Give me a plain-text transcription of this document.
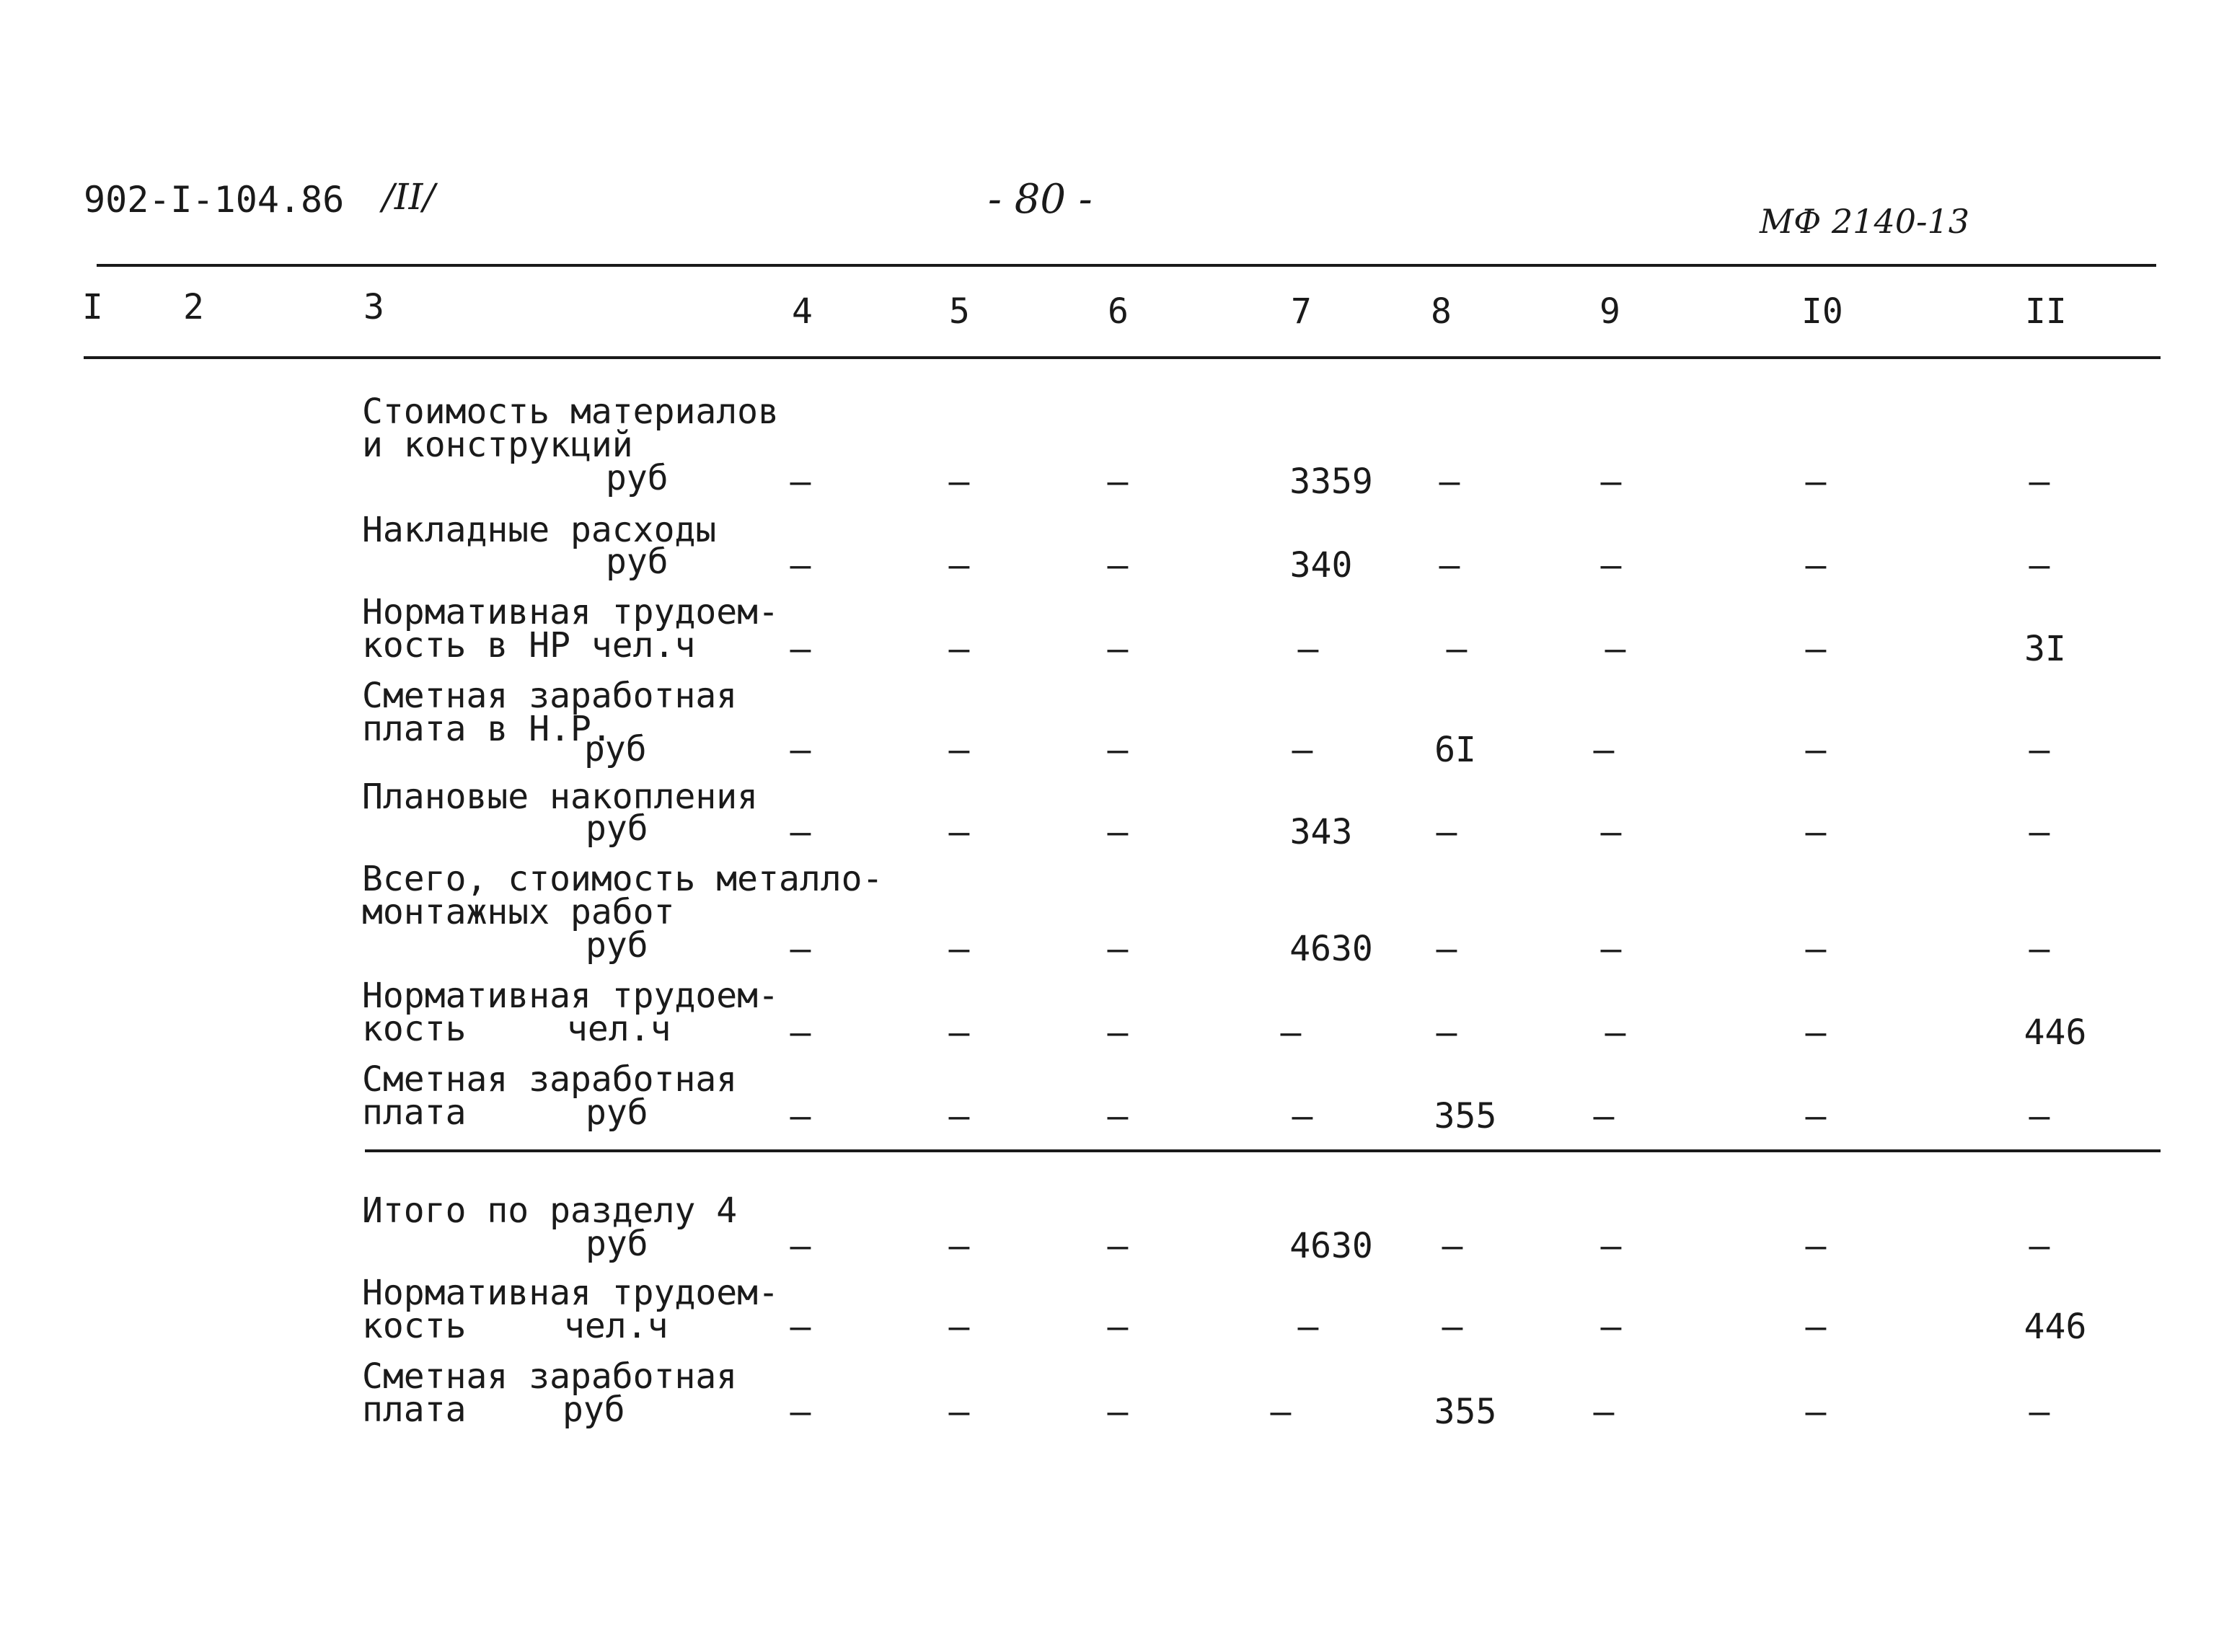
902-I-104.86 /II/	- 80 -	МФ 2140-13
I 2	3	4	5	6	7	8	9	I0	II
Стоимость материалов
и конструкций
руб	–	–	–	3359	–	–	–	–
Накладные расходы
руб	–	–	–	340	–	–	–	–
Нормативная трудоем-
кость в НР чел.ч	–	–	–	–	–	–	–	3I
Сметная заработная
плата в Н.Р.
руб	–	–	–	–	6I	–	–	–
Плановые накопления
руб	–	–	–	343	–	–	–	–
Всего, стоимость металло-
монтажных работ
руб	–	–	–	4630	–	–	–	–
Нормативная трудоем-
кость	чел.ч	–	–	–	–	–	–	–	446
Сметная заработная
плата	руб	–	–	–	–	355	–	–	–
Итого по разделу 4
руб	–	–	–	4630	–	–	–	–
Нормативная трудоем-
кость	чел.ч	–	–	–	–	–	–	–	446
Сметная заработная
плата	руб	–	–	–	–	355	–	–	–
